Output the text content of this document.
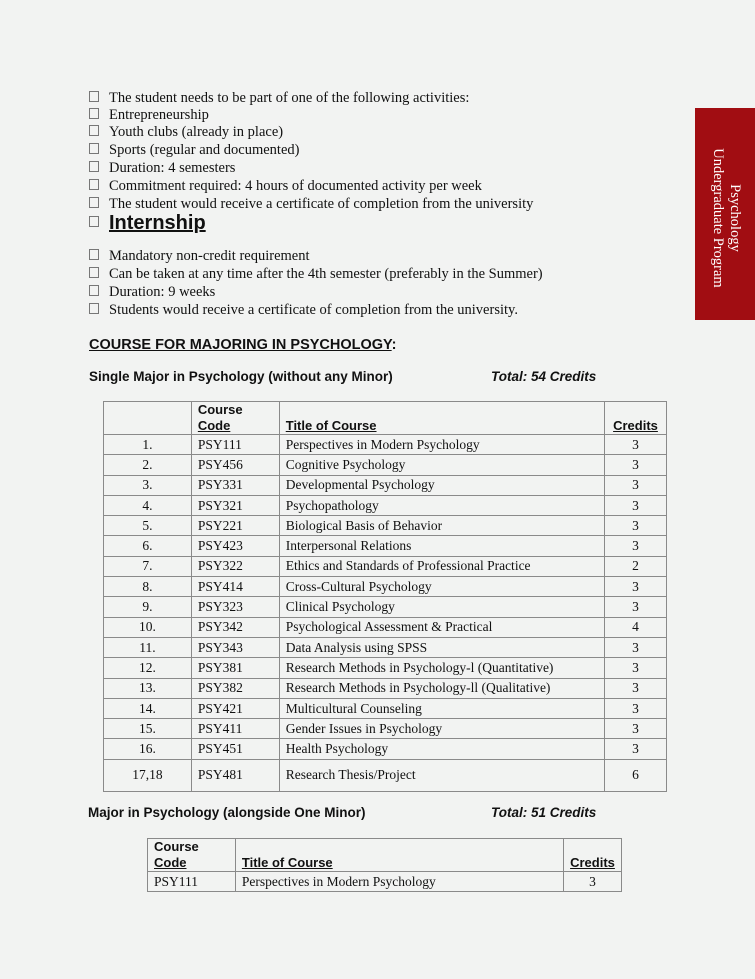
Psychology
Undergraduate Program
The student needs to be part of one of the following activities:
Entrepreneurship
Youth clubs (already in place)
Sports (regular and documented)
Duration: 4 semesters
Commitment required: 4 hours of documented activity per week
The student would receive a certificate of completion from the university
Internship
Mandatory non-credit requirement
Can be taken at any time after the 4th semester (preferably in the Summer)
Duration: 9 weeks
Students would receive a certificate of completion from the university.
COURSE FOR MAJORING IN PSYCHOLOGY:
Single Major in Psychology (without any Minor)	Total: 54 Credits

	Course
Code	Title of Course	Credits
1.	PSY111	Perspectives in Modern Psychology	3
2.	PSY456	Cognitive Psychology	3
3.	PSY331	Developmental Psychology	3
4.	PSY321	Psychopathology	3
5.	PSY221	Biological Basis of Behavior	3
6.	PSY423	Interpersonal Relations	3
7.	PSY322	Ethics and Standards of Professional Practice	2
8.	PSY414	Cross-Cultural Psychology	3
9.	PSY323	Clinical Psychology	3
10.	PSY342	Psychological Assessment & Practical	4
11.	PSY343	Data Analysis using SPSS	3
12.	PSY381	Research Methods in Psychology-l (Quantitative)	3
13.	PSY382	Research Methods in Psychology-ll (Qualitative)	3
14.	PSY421	Multicultural Counseling	3
15.	PSY411	Gender Issues in Psychology	3
16.	PSY451	Health Psychology	3
17,18	PSY481	Research Thesis/Project	6
Major in Psychology (alongside One Minor)	Total: 51 Credits
Course
Code	Title of Course	Credits
PSY111	Perspectives in Modern Psychology	3
